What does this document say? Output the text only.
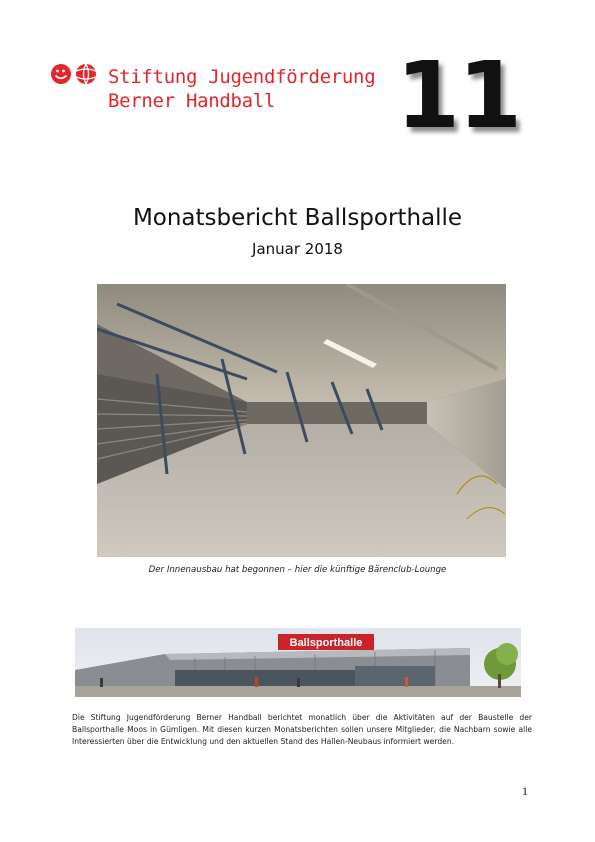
Stiftung Jugendförderung
Berner Handball 11
Monatsbericht Ballsporthalle
Januar 2018
Der Innenausbau hat begonnen – hier die künftige Bärenclub-Lounge
Ballsporthalle
Die Stiftung Jugendförderung Berner Handball berichtet monatlich über die Aktivitäten auf der Baustelle der Ballsporthalle Moos in Gümligen. Mit diesen kurzen Monatsberichten sollen unsere Mitglieder, die Nachbarn sowie alle Interessierten über die Entwicklung und den aktuellen Stand des Hallen-Neubaus informiert werden.
1
